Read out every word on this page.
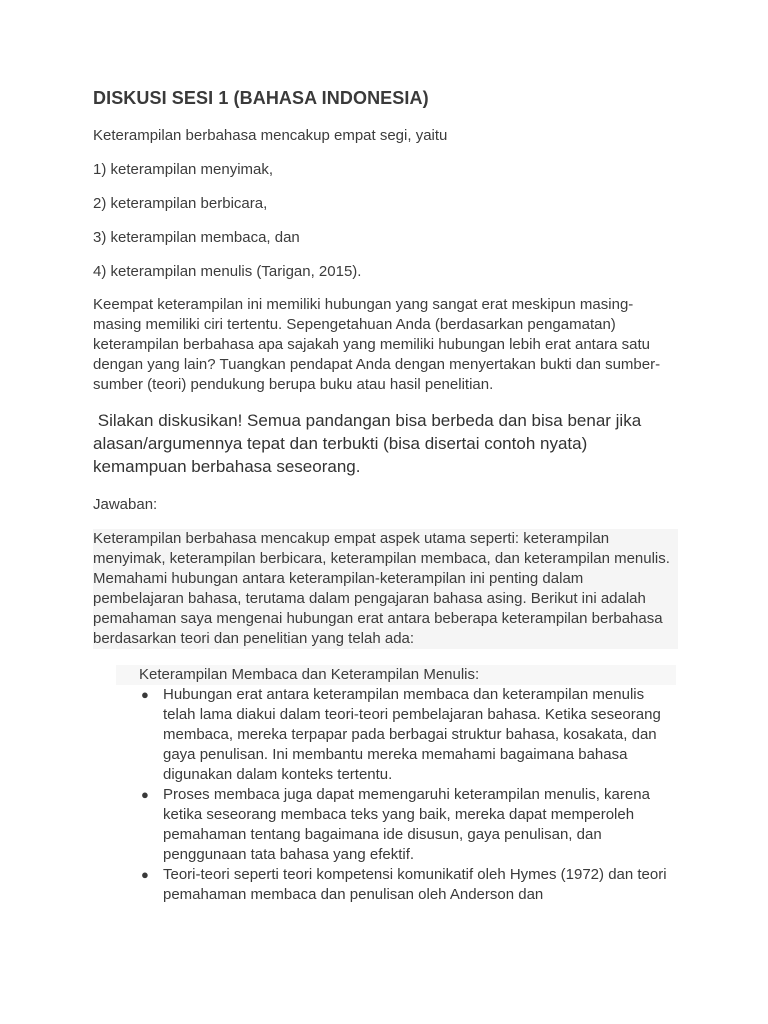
DISKUSI SESI 1 (BAHASA INDONESIA)

Keterampilan berbahasa mencakup empat segi, yaitu

1) keterampilan menyimak,

2) keterampilan berbicara,

3) keterampilan membaca, dan

4) keterampilan menulis (Tarigan, 2015).

Keempat keterampilan ini memiliki hubungan yang sangat erat meskipun masing-masing memiliki ciri tertentu. Sepengetahuan Anda (berdasarkan pengamatan) keterampilan berbahasa apa sajakah yang memiliki hubungan lebih erat antara satu dengan yang lain? Tuangkan pendapat Anda dengan menyertakan bukti dan sumber-sumber (teori) pendukung berupa buku atau hasil penelitian.

Silakan diskusikan! Semua pandangan bisa berbeda dan bisa benar jika alasan/argumennya tepat dan terbukti (bisa disertai contoh nyata) kemampuan berbahasa seseorang.

Jawaban:

Keterampilan berbahasa mencakup empat aspek utama seperti: keterampilan menyimak, keterampilan berbicara, keterampilan membaca, dan keterampilan menulis. Memahami hubungan antara keterampilan-keterampilan ini penting dalam pembelajaran bahasa, terutama dalam pengajaran bahasa asing. Berikut ini adalah pemahaman saya mengenai hubungan erat antara beberapa keterampilan berbahasa berdasarkan teori dan penelitian yang telah ada:

Keterampilan Membaca dan Keterampilan Menulis:
● Hubungan erat antara keterampilan membaca dan keterampilan menulis telah lama diakui dalam teori-teori pembelajaran bahasa. Ketika seseorang membaca, mereka terpapar pada berbagai struktur bahasa, kosakata, dan gaya penulisan. Ini membantu mereka memahami bagaimana bahasa digunakan dalam konteks tertentu.
● Proses membaca juga dapat memengaruhi keterampilan menulis, karena ketika seseorang membaca teks yang baik, mereka dapat memperoleh pemahaman tentang bagaimana ide disusun, gaya penulisan, dan penggunaan tata bahasa yang efektif.
● Teori-teori seperti teori kompetensi komunikatif oleh Hymes (1972) dan teori pemahaman membaca dan penulisan oleh Anderson dan
